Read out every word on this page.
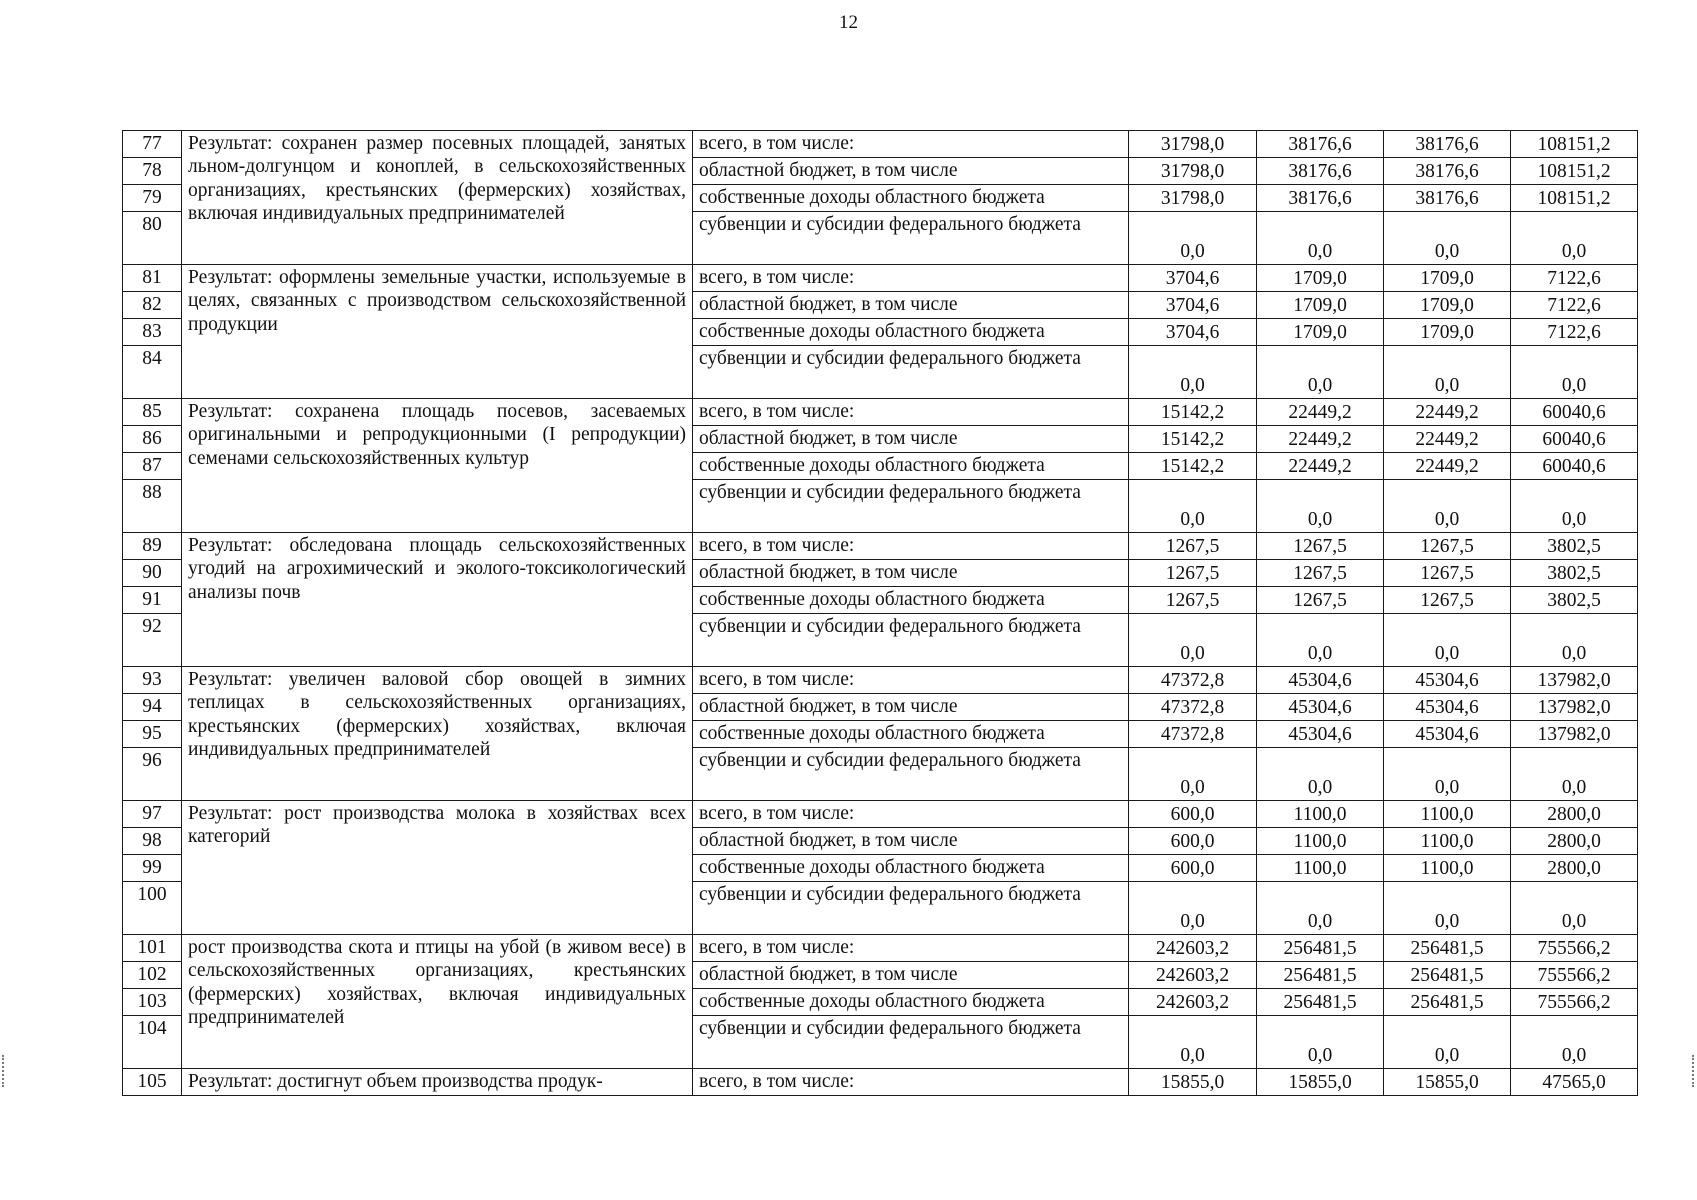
12
77	Результат: сохранен размер посевных площадей, занятых льном-долгунцом и коноплей, в сельскохозяйственных организациях, крестьянских (фермерских) хозяйствах, включая индивидуальных предпринимателей	всего, в том числе:	31798,0	38176,6	38176,6	108151,2
78		областной бюджет, в том числе	31798,0	38176,6	38176,6	108151,2
79		собственные доходы областного бюджета	31798,0	38176,6	38176,6	108151,2
80		субвенции и субсидии федерального бюджета	0,0	0,0	0,0	0,0
81	Результат: оформлены земельные участки, используемые в целях, связанных с производством сельскохозяйственной продукции	всего, в том числе:	3704,6	1709,0	1709,0	7122,6
82		областной бюджет, в том числе	3704,6	1709,0	1709,0	7122,6
83		собственные доходы областного бюджета	3704,6	1709,0	1709,0	7122,6
84		субвенции и субсидии федерального бюджета	0,0	0,0	0,0	0,0
85	Результат: сохранена площадь посевов, засеваемых оригинальными и репродукционными (I репродукции) семенами сельскохозяйственных культур	всего, в том числе:	15142,2	22449,2	22449,2	60040,6
86		областной бюджет, в том числе	15142,2	22449,2	22449,2	60040,6
87		собственные доходы областного бюджета	15142,2	22449,2	22449,2	60040,6
88		субвенции и субсидии федерального бюджета	0,0	0,0	0,0	0,0
89	Результат: обследована площадь сельскохозяйственных угодий на агрохимический и эколого-токсикологический анализы почв	всего, в том числе:	1267,5	1267,5	1267,5	3802,5
90		областной бюджет, в том числе	1267,5	1267,5	1267,5	3802,5
91		собственные доходы областного бюджета	1267,5	1267,5	1267,5	3802,5
92		субвенции и субсидии федерального бюджета	0,0	0,0	0,0	0,0
93	Результат: увеличен валовой сбор овощей в зимних теплицах в сельскохозяйственных организациях, крестьянских (фермерских) хозяйствах, включая индивидуальных предпринимателей	всего, в том числе:	47372,8	45304,6	45304,6	137982,0
94		областной бюджет, в том числе	47372,8	45304,6	45304,6	137982,0
95		собственные доходы областного бюджета	47372,8	45304,6	45304,6	137982,0
96		субвенции и субсидии федерального бюджета	0,0	0,0	0,0	0,0
97	Результат: рост производства молока в хозяйствах всех категорий	всего, в том числе:	600,0	1100,0	1100,0	2800,0
98		областной бюджет, в том числе	600,0	1100,0	1100,0	2800,0
99		собственные доходы областного бюджета	600,0	1100,0	1100,0	2800,0
100		субвенции и субсидии федерального бюджета	0,0	0,0	0,0	0,0
101	рост производства скота и птицы на убой (в живом весе) в сельскохозяйственных организациях, крестьянских (фермерских) хозяйствах, включая индивидуальных предпринимателей	всего, в том числе:	242603,2	256481,5	256481,5	755566,2
102		областной бюджет, в том числе	242603,2	256481,5	256481,5	755566,2
103		собственные доходы областного бюджета	242603,2	256481,5	256481,5	755566,2
104		субвенции и субсидии федерального бюджета	0,0	0,0	0,0	0,0
105	Результат: достигнут объем производства продук-	всего, в том числе:	15855,0	15855,0	15855,0	47565,0
